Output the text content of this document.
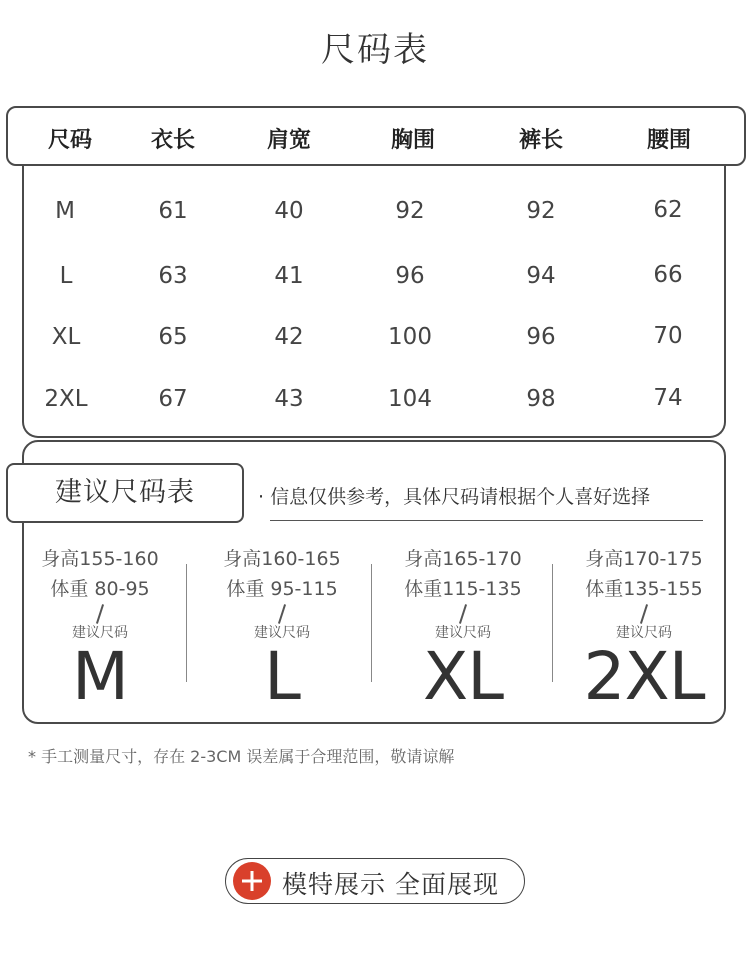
尺码表
尺码	衣长	肩宽	胸围	裤长	腰围
M	61	40	92	92	62
L	63	41	96	94	66
XL	65	42	100	96	70
2XL	67	43	104	98	74
建议尺码表	· 信息仅供参考，具体尺码请根据个人喜好选择
身高155-160
体重 80-95
建议尺码
M
身高160-165
体重 95-115
建议尺码
L
身高165-170
体重115-135
建议尺码
XL
身高170-175
体重135-155
建议尺码
2XL
* 手工测量尺寸，存在 2-3CM 误差属于合理范围，敬请谅解
模特展示 全面展现
